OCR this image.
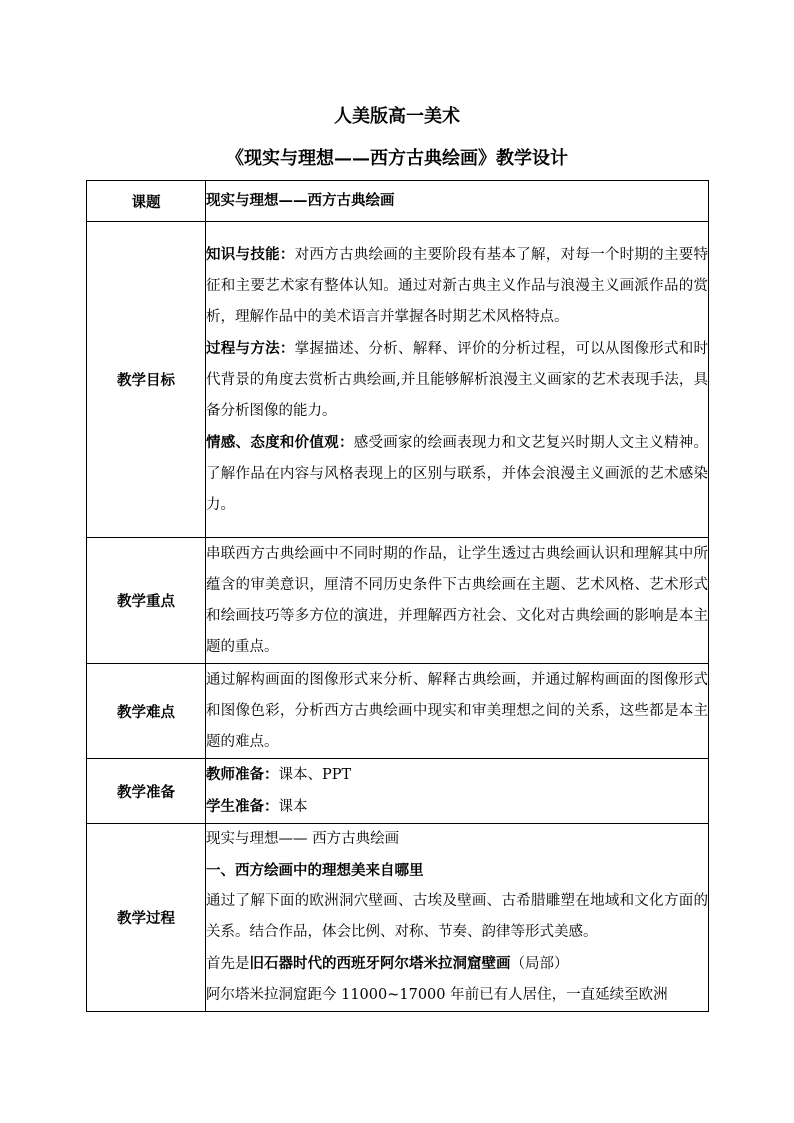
人美版高一美术
《现实与理想——西方古典绘画》教学设计
课题	现实与理想——西方古典绘画
教学目标	知识与技能：对西方古典绘画的主要阶段有基本了解，对每一个时期的主要特征和主要艺术家有整体认知。通过对新古典主义作品与浪漫主义画派作品的赏析，理解作品中的美术语言并掌握各时期艺术风格特点。

过程与方法：掌握描述、分析、解释、评价的分析过程，可以从图像形式和时代背景的角度去赏析古典绘画,并且能够解析浪漫主义画家的艺术表现手法，具备分析图像的能力。

情感、态度和价值观：感受画家的绘画表现力和文艺复兴时期人文主义精神。了解作品在内容与风格表现上的区别与联系，并体会浪漫主义画派的艺术感染力。

教学重点	串联西方古典绘画中不同时期的作品，让学生透过古典绘画认识和理解其中所蕴含的审美意识，厘清不同历史条件下古典绘画在主题、艺术风格、艺术形式和绘画技巧等多方位的演进，并理解西方社会、文化对古典绘画的影响是本主题的重点。

教学难点	通过解构画面的图像形式来分析、解释古典绘画，并通过解构画面的图像形式和图像色彩，分析西方古典绘画中现实和审美理想之间的关系，这些都是本主题的难点。

教学准备	教师准备：课本、PPT

学生准备：课本

教学过程	现实与理想—— 西方古典绘画

一、西方绘画中的理想美来自哪里

通过了解下面的欧洲洞穴壁画、古埃及壁画、古希腊雕塑在地域和文化方面的关系。结合作品，体会比例、对称、节奏、韵律等形式美感。

首先是旧石器时代的西班牙阿尔塔米拉洞窟壁画（局部）

阿尔塔米拉洞窟距今 11000~17000 年前已有人居住，一直延续至欧洲
